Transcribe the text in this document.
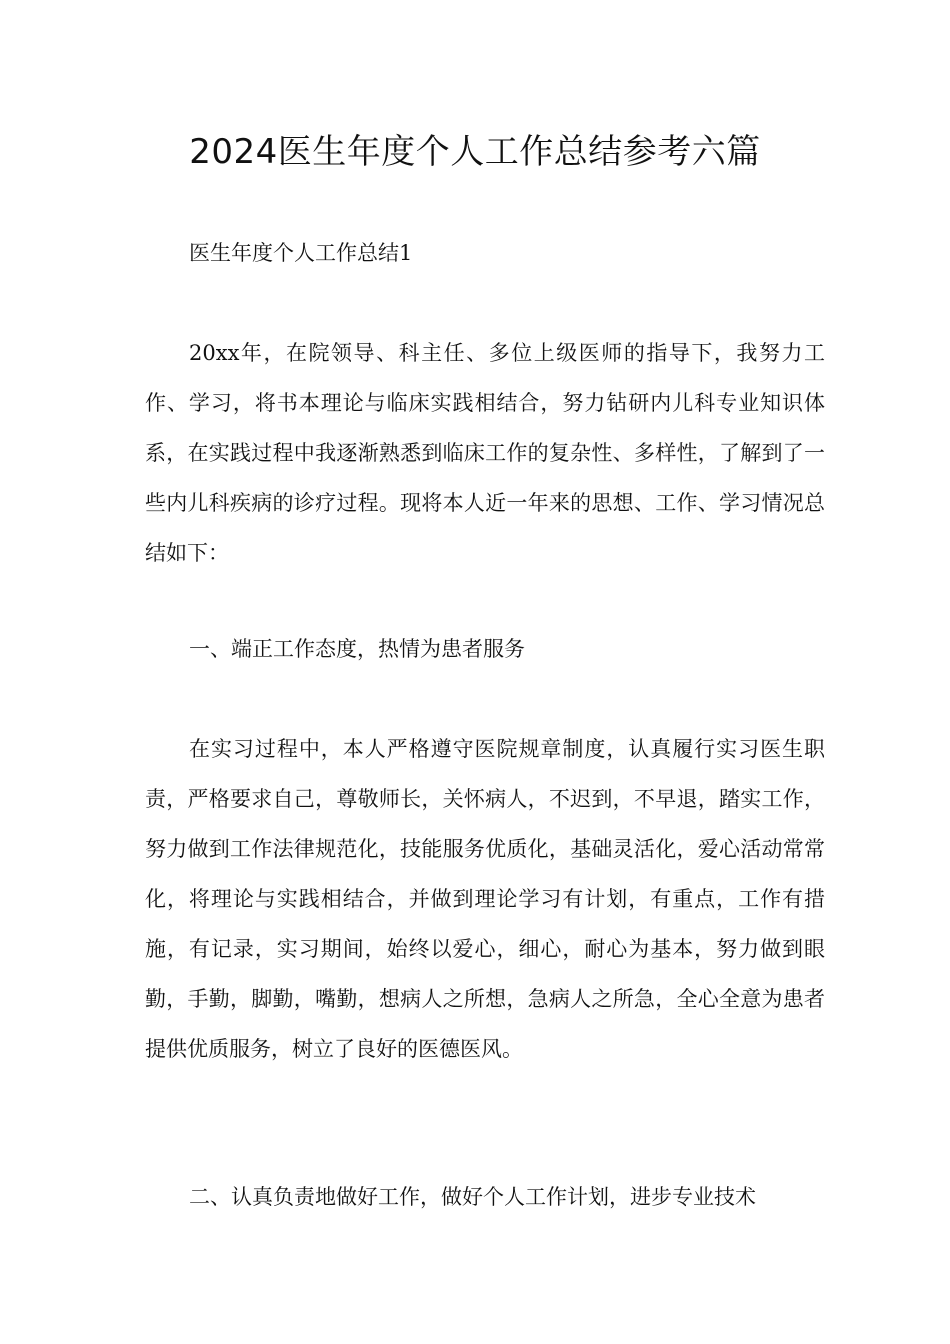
2024医生年度个人工作总结参考六篇

医生年度个人工作总结1

20xx年，在院领导、科主任、多位上级医师的指导下，我努力工作、学习，将书本理论与临床实践相结合，努力钻研内儿科专业知识体系，在实践过程中我逐渐熟悉到临床工作的复杂性、多样性，了解到了一些内儿科疾病的诊疗过程。现将本人近一年来的思想、工作、学习情况总结如下：

一、端正工作态度，热情为患者服务

在实习过程中，本人严格遵守医院规章制度，认真履行实习医生职责，严格要求自己，尊敬师长，关怀病人，不迟到，不早退，踏实工作，努力做到工作法律规范化，技能服务优质化，基础灵活化，爱心活动常常化，将理论与实践相结合，并做到理论学习有计划，有重点，工作有措施，有记录，实习期间，始终以爱心，细心，耐心为基本，努力做到眼勤，手勤，脚勤，嘴勤，想病人之所想，急病人之所急，全心全意为患者提供优质服务，树立了良好的医德医风。

二、认真负责地做好工作，做好个人工作计划，进步专业技术
